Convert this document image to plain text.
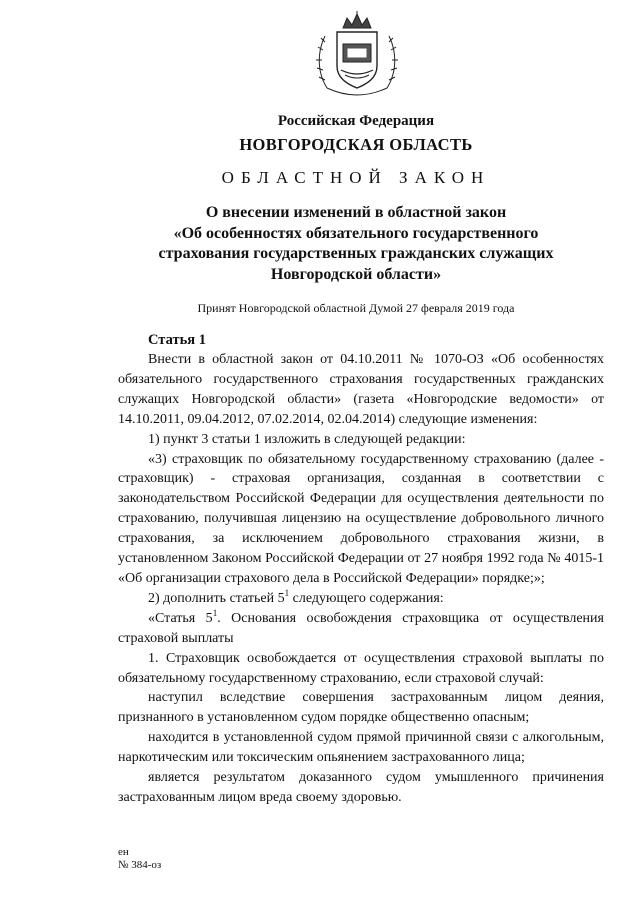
Российская Федерация
НОВГОРОДСКАЯ ОБЛАСТЬ
ОБЛАСТНОЙ ЗАКОН
О внесении изменений в областной закон
«Об особенностях обязательного государственного
страхования государственных гражданских служащих
Новгородской области»
Принят Новгородской областной Думой 27 февраля 2019 года
Статья 1

Внести в областной закон от 04.10.2011 № 1070-ОЗ «Об особенностях обязательного государственного страхования государственных гражданских служащих Новгородской области» (газета «Новгородские ведомости» от 14.10.2011, 09.04.2012, 07.02.2014, 02.04.2014) следующие изменения:

1) пункт 3 статьи 1 изложить в следующей редакции:

«3) страховщик по обязательному государственному страхованию (далее - страховщик) - страховая организация, созданная в соответствии с законодательством Российской Федерации для осуществления деятельности по страхованию, получившая лицензию на осуществление добровольного личного страхования, за исключением добровольного страхования жизни, в установленном Законом Российской Федерации от 27 ноября 1992 года № 4015-1 «Об организации страхового дела в Российской Федерации» порядке;»;

2) дополнить статьей $5^1$ следующего содержания:

«Статья $5^1$. Основания освобождения страховщика от осуществления страховой выплаты

1. Страховщик освобождается от осуществления страховой выплаты по обязательному государственному страхованию, если страховой случай:

наступил вследствие совершения застрахованным лицом деяния, признанного в установленном судом порядке общественно опасным;

находится в установленной судом прямой причинной связи с алкогольным, наркотическим или токсическим опьянением застрахованного лица;

является результатом доказанного судом умышленного причинения застрахованным лицом вреда своему здоровью.

ен
№ 384-оз
